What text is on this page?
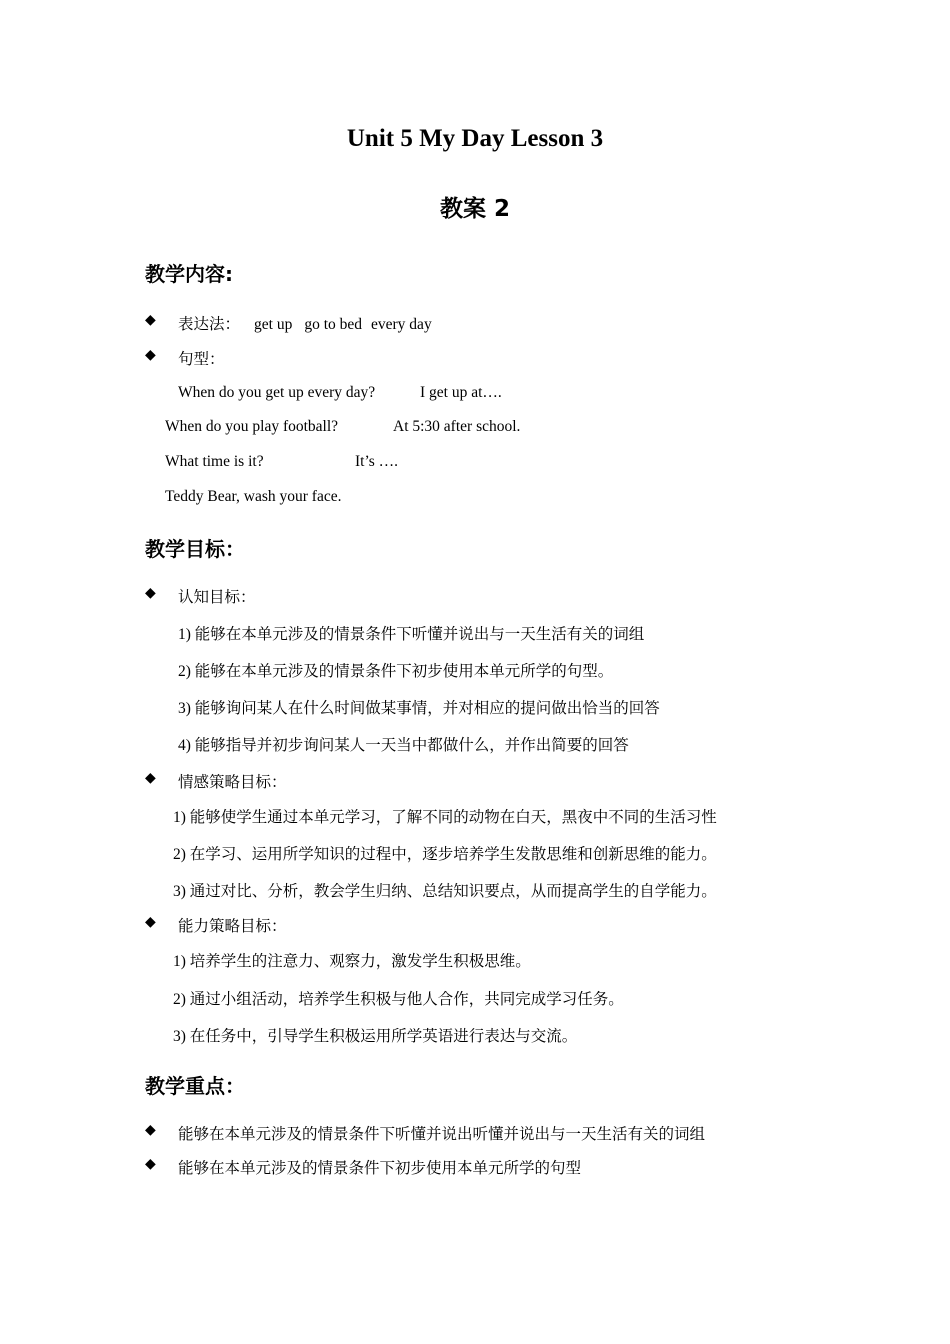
Unit 5 My Day Lesson 3
教案 2
教学内容:
◆ 表达法： get up go to bed every day
◆ 句型：
When do you get up every day?	I get up at….
When do you play football?	At 5:30 after school.
What time is it?	It’s ….
Teddy Bear, wash your face.
教学目标：
◆ 认知目标：
1) 能够在本单元涉及的情景条件下听懂并说出与一天生活有关的词组
2) 能够在本单元涉及的情景条件下初步使用本单元所学的句型。
3) 能够询问某人在什么时间做某事情，并对相应的提问做出恰当的回答
4) 能够指导并初步询问某人一天当中都做什么，并作出简要的回答
◆ 情感策略目标：
1) 能够使学生通过本单元学习，了解不同的动物在白天，黑夜中不同的生活习性
2) 在学习、运用所学知识的过程中，逐步培养学生发散思维和创新思维的能力。
3) 通过对比、分析，教会学生归纳、总结知识要点，从而提高学生的自学能力。
◆ 能力策略目标：
1) 培养学生的注意力、观察力，激发学生积极思维。
2) 通过小组活动，培养学生积极与他人合作，共同完成学习任务。
3) 在任务中，引导学生积极运用所学英语进行表达与交流。
教学重点：
◆ 能够在本单元涉及的情景条件下听懂并说出听懂并说出与一天生活有关的词组
◆ 能够在本单元涉及的情景条件下初步使用本单元所学的句型
